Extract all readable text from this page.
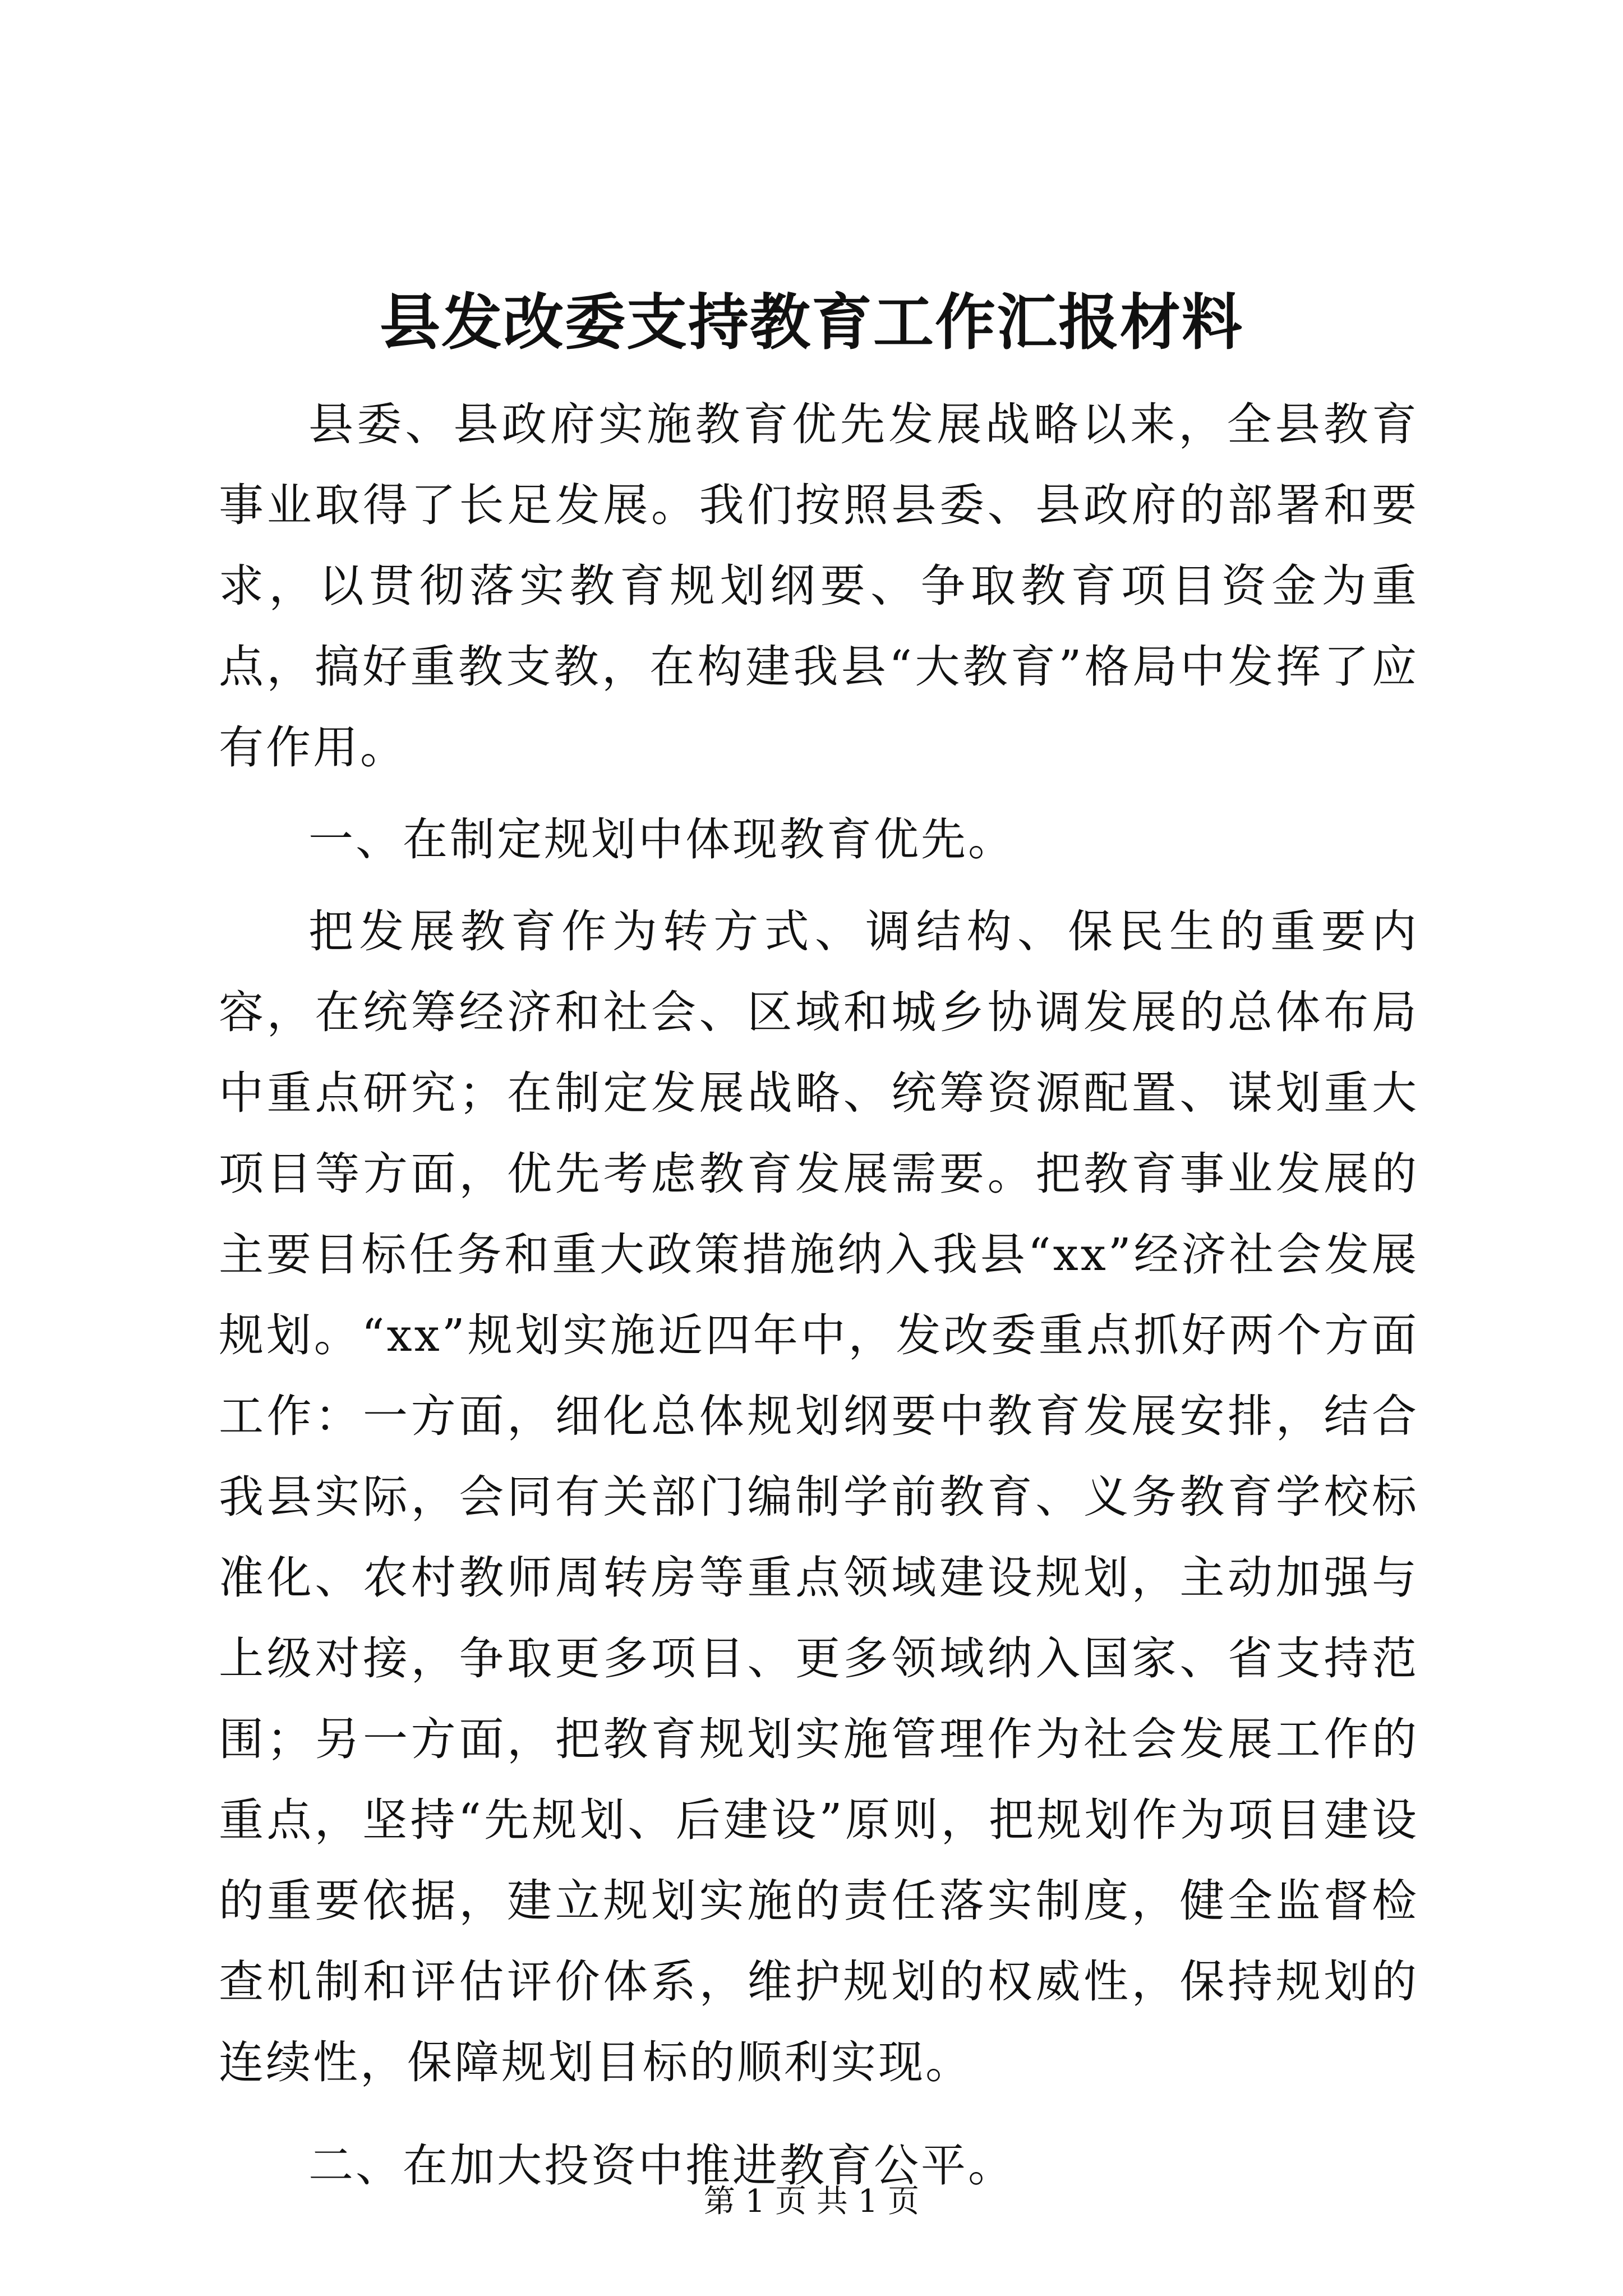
县发改委支持教育工作汇报材料

县委、县政府实施教育优先发展战略以来，全县教育事业取得了长足发展。我们按照县委、县政府的部署和要求，以贯彻落实教育规划纲要、争取教育项目资金为重点，搞好重教支教，在构建我县“大教育”格局中发挥了应有作用。

一、在制定规划中体现教育优先。

把发展教育作为转方式、调结构、保民生的重要内容，在统筹经济和社会、区域和城乡协调发展的总体布局中重点研究；在制定发展战略、统筹资源配置、谋划重大项目等方面，优先考虑教育发展需要。把教育事业发展的主要目标任务和重大政策措施纳入我县“xx”经济社会发展规划。“xx”规划实施近四年中，发改委重点抓好两个方面工作：一方面，细化总体规划纲要中教育发展安排，结合我县实际，会同有关部门编制学前教育、义务教育学校标准化、农村教师周转房等重点领域建设规划，主动加强与上级对接，争取更多项目、更多领域纳入国家、省支持范围；另一方面，把教育规划实施管理作为社会发展工作的重点，坚持“先规划、后建设”原则，把规划作为项目建设的重要依据，建立规划实施的责任落实制度，健全监督检查机制和评估评价体系，维护规划的权威性，保持规划的连续性，保障规划目标的顺利实现。

二、在加大投资中推进教育公平。

第 1 页 共 1 页
